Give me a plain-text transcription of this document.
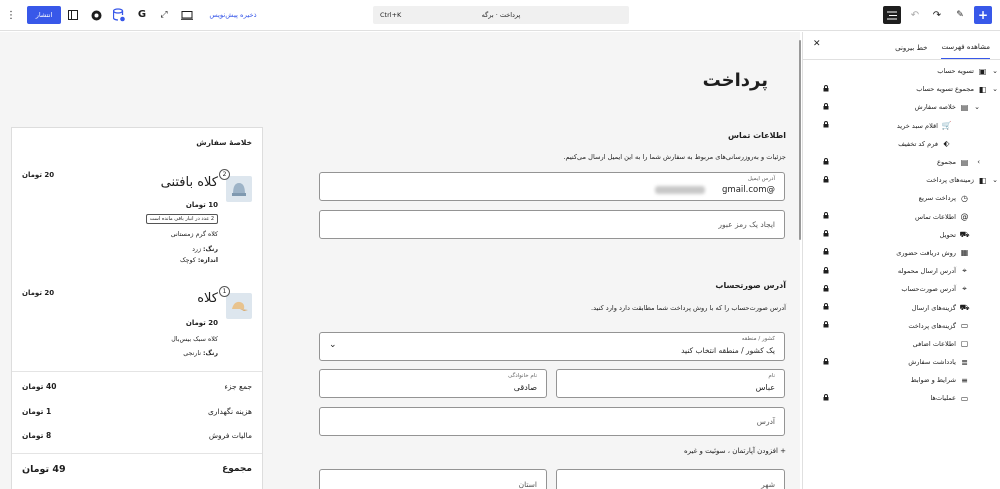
⋮	انتشار	G ⤢	ذخیره پیش‌نویس	Ctrl+K	پرداخت · برگه	↶ ↷	✎	+
پرداخت
اطلاعات تماس
جزئیات و به‌روزرسانی‌های مربوط به سفارش شما را به این ایمیل ارسال می‌کنیم.
آدرس ایمیل
@gmail.com
ایجاد یک رمز عبور
آدرس صورتحساب
آدرس صورت‌حساب را که با روش پرداخت شما مطابقت دارد وارد کنید.
کشور / منطقه
یک کشور / منطقه انتخاب کنید
⌄
نام
عباس
نام خانوادگی
صادقی
آدرس
+ افزودن آپارتمان ، سوئیت و غیره
شهر
استان
خلاصهٔ سفارش
2
کلاه بافتنی
20 تومان
10 تومان
2 عدد در انبار باقی مانده است
کلاه گرم زمستانی
رنگ: زرد
اندازه: کوچک
1
کلاه
20 تومان
20 تومان
کلاه سبک بیس‌بال
رنگ: نارنجی
جمع جزء
40 تومان
هزینه نگهداری
1 تومان
مالیات فروش
8 تومان
مجموع
49 تومان
مشاهده فهرست
خط بیرونی
✕
⌄
▣
تسویه حساب
⌄
◧
مجموع تسویه حساب
⌄
▤
خلاصه سفارش
🛒
اقلام سبد خرید
⬖
فرم کد تخفیف
›
▤
مجموع
⌄
◧
زمینه‌های پرداخت
◷
پرداخت سریع
@
اطلاعات تماس
⛟
تحویل
▦
روش دریافت حضوری
⌖
آدرس ارسال محموله
⌖
آدرس صورت‌حساب
⛟
گزینه‌های ارسال
▭
گزینه‌های پرداخت
▢
اطلاعات اضافی
≣
یادداشت سفارش
≡
شرایط و ضوابط
▭
عملیات‌ها
